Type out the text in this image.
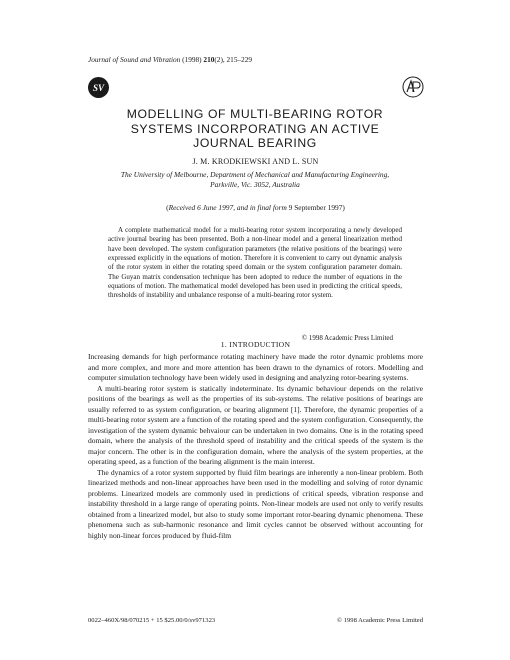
Journal of Sound and Vibration (1998) 210(2), 215–229
SV
MODELLING OF MULTI-BEARING ROTOR
SYSTEMS INCORPORATING AN ACTIVE
JOURNAL BEARING
J. M. KRODKIEWSKI AND L. SUN
The University of Melbourne, Department of Mechanical and Manufacturing Engineering,
Parkville, Vic. 3052, Australia
(Received 6 June 1997, and in final form 9 September 1997)

A complete mathematical model for a multi-bearing rotor system incorporating a newly developed active journal bearing has been presented. Both a non-linear model and a general linearization method have been developed. The system configuration parameters (the relative positions of the bearings) were expressed explicitly in the equations of motion. Therefore it is convenient to carry out dynamic analysis of the rotor system in either the rotating speed domain or the system configuration parameter domain. The Guyan matrix condensation technique has been adopted to reduce the number of equations in the equations of motion. The mathematical model developed has been used in predicting the critical speeds, thresholds of instability and unbalance response of a multi-bearing rotor system.

© 1998 Academic Press Limited
1. INTRODUCTION

Increasing demands for high performance rotating machinery have made the rotor dynamic problems more and more complex, and more and more attention has been drawn to the dynamics of rotors. Modelling and computer simulation technology have been widely used in designing and analyzing rotor-bearing systems.

A multi-bearing rotor system is statically indeterminate. Its dynamic behaviour depends on the relative positions of the bearings as well as the properties of its sub-systems. The relative positions of bearings are usually referred to as system configuration, or bearing alignment [1]. Therefore, the dynamic properties of a multi-bearing rotor system are a function of the rotating speed and the system configuration. Consequently, the investigation of the system dynamic behvaiour can be undertaken in two domains. One is in the rotating speed domain, where the analysis of the threshold speed of instability and the critical speeds of the system is the major concern. The other is in the configuration domain, where the analysis of the system properties, at the operating speed, as a function of the bearing alignment is the main interest.

The dynamics of a rotor system supported by fluid film bearings are inherently a non-linear problem. Both linearized methods and non-linear approaches have been used in the modelling and solving of rotor dynamic problems. Linearized models are commonly used in predictions of critical speeds, vibration response and instability threshold in a large range of operating points. Non-linear models are used not only to verify results obtained from a linearized model, but also to study some important rotor-bearing dynamic phenomena. These phenomena such as sub-harmonic resonance and limit cycles cannot be observed without accounting for highly non-linear forces produced by fluid-film

0022–460X/98/070215 + 15 $25.00/0/sv971323	© 1998 Academic Press Limited
